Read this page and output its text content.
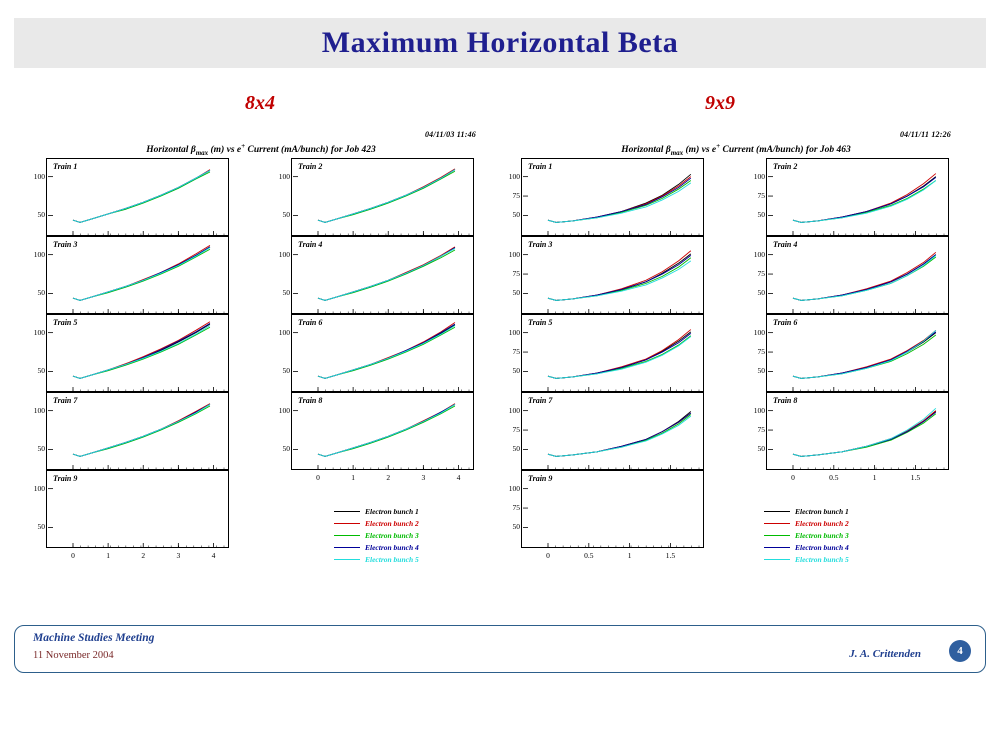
Maximum Horizontal Beta
8x4	9x9
04/11/03 11:46
Horizontal $\beta_{max}$ (m) vs e+ Current (mA/bunch) for Job 423
Train 1
50
100
Train 3
50
100
Train 5
50
100
Train 7
50
100
Train 9
50
100
0	1	2	3	4
Train 2
50
100
Train 4
50
100
Train 6
50
100
Train 8
50
100
0	1	2	3	4
Electron bunch 1
Electron bunch 2
Electron bunch 3
Electron bunch 4
Electron bunch 5
04/11/11 12:26
Horizontal $\beta_{max}$ (m) vs e+ Current (mA/bunch) for Job 463
Train 1
50
75
100
Train 3
50
75
100
Train 5
50
75
100
Train 7
50
75
100
Train 9
50
75
100
0	0.5	1	1.5
Train 2
50
75
100
Train 4
50
75
100
Train 6
50
75
100
Train 8
50
75
100
0	0.5	1	1.5
Electron bunch 1
Electron bunch 2
Electron bunch 3
Electron bunch 4
Electron bunch 5
Machine Studies Meeting
11 November 2004	J. A. Crittenden	4
